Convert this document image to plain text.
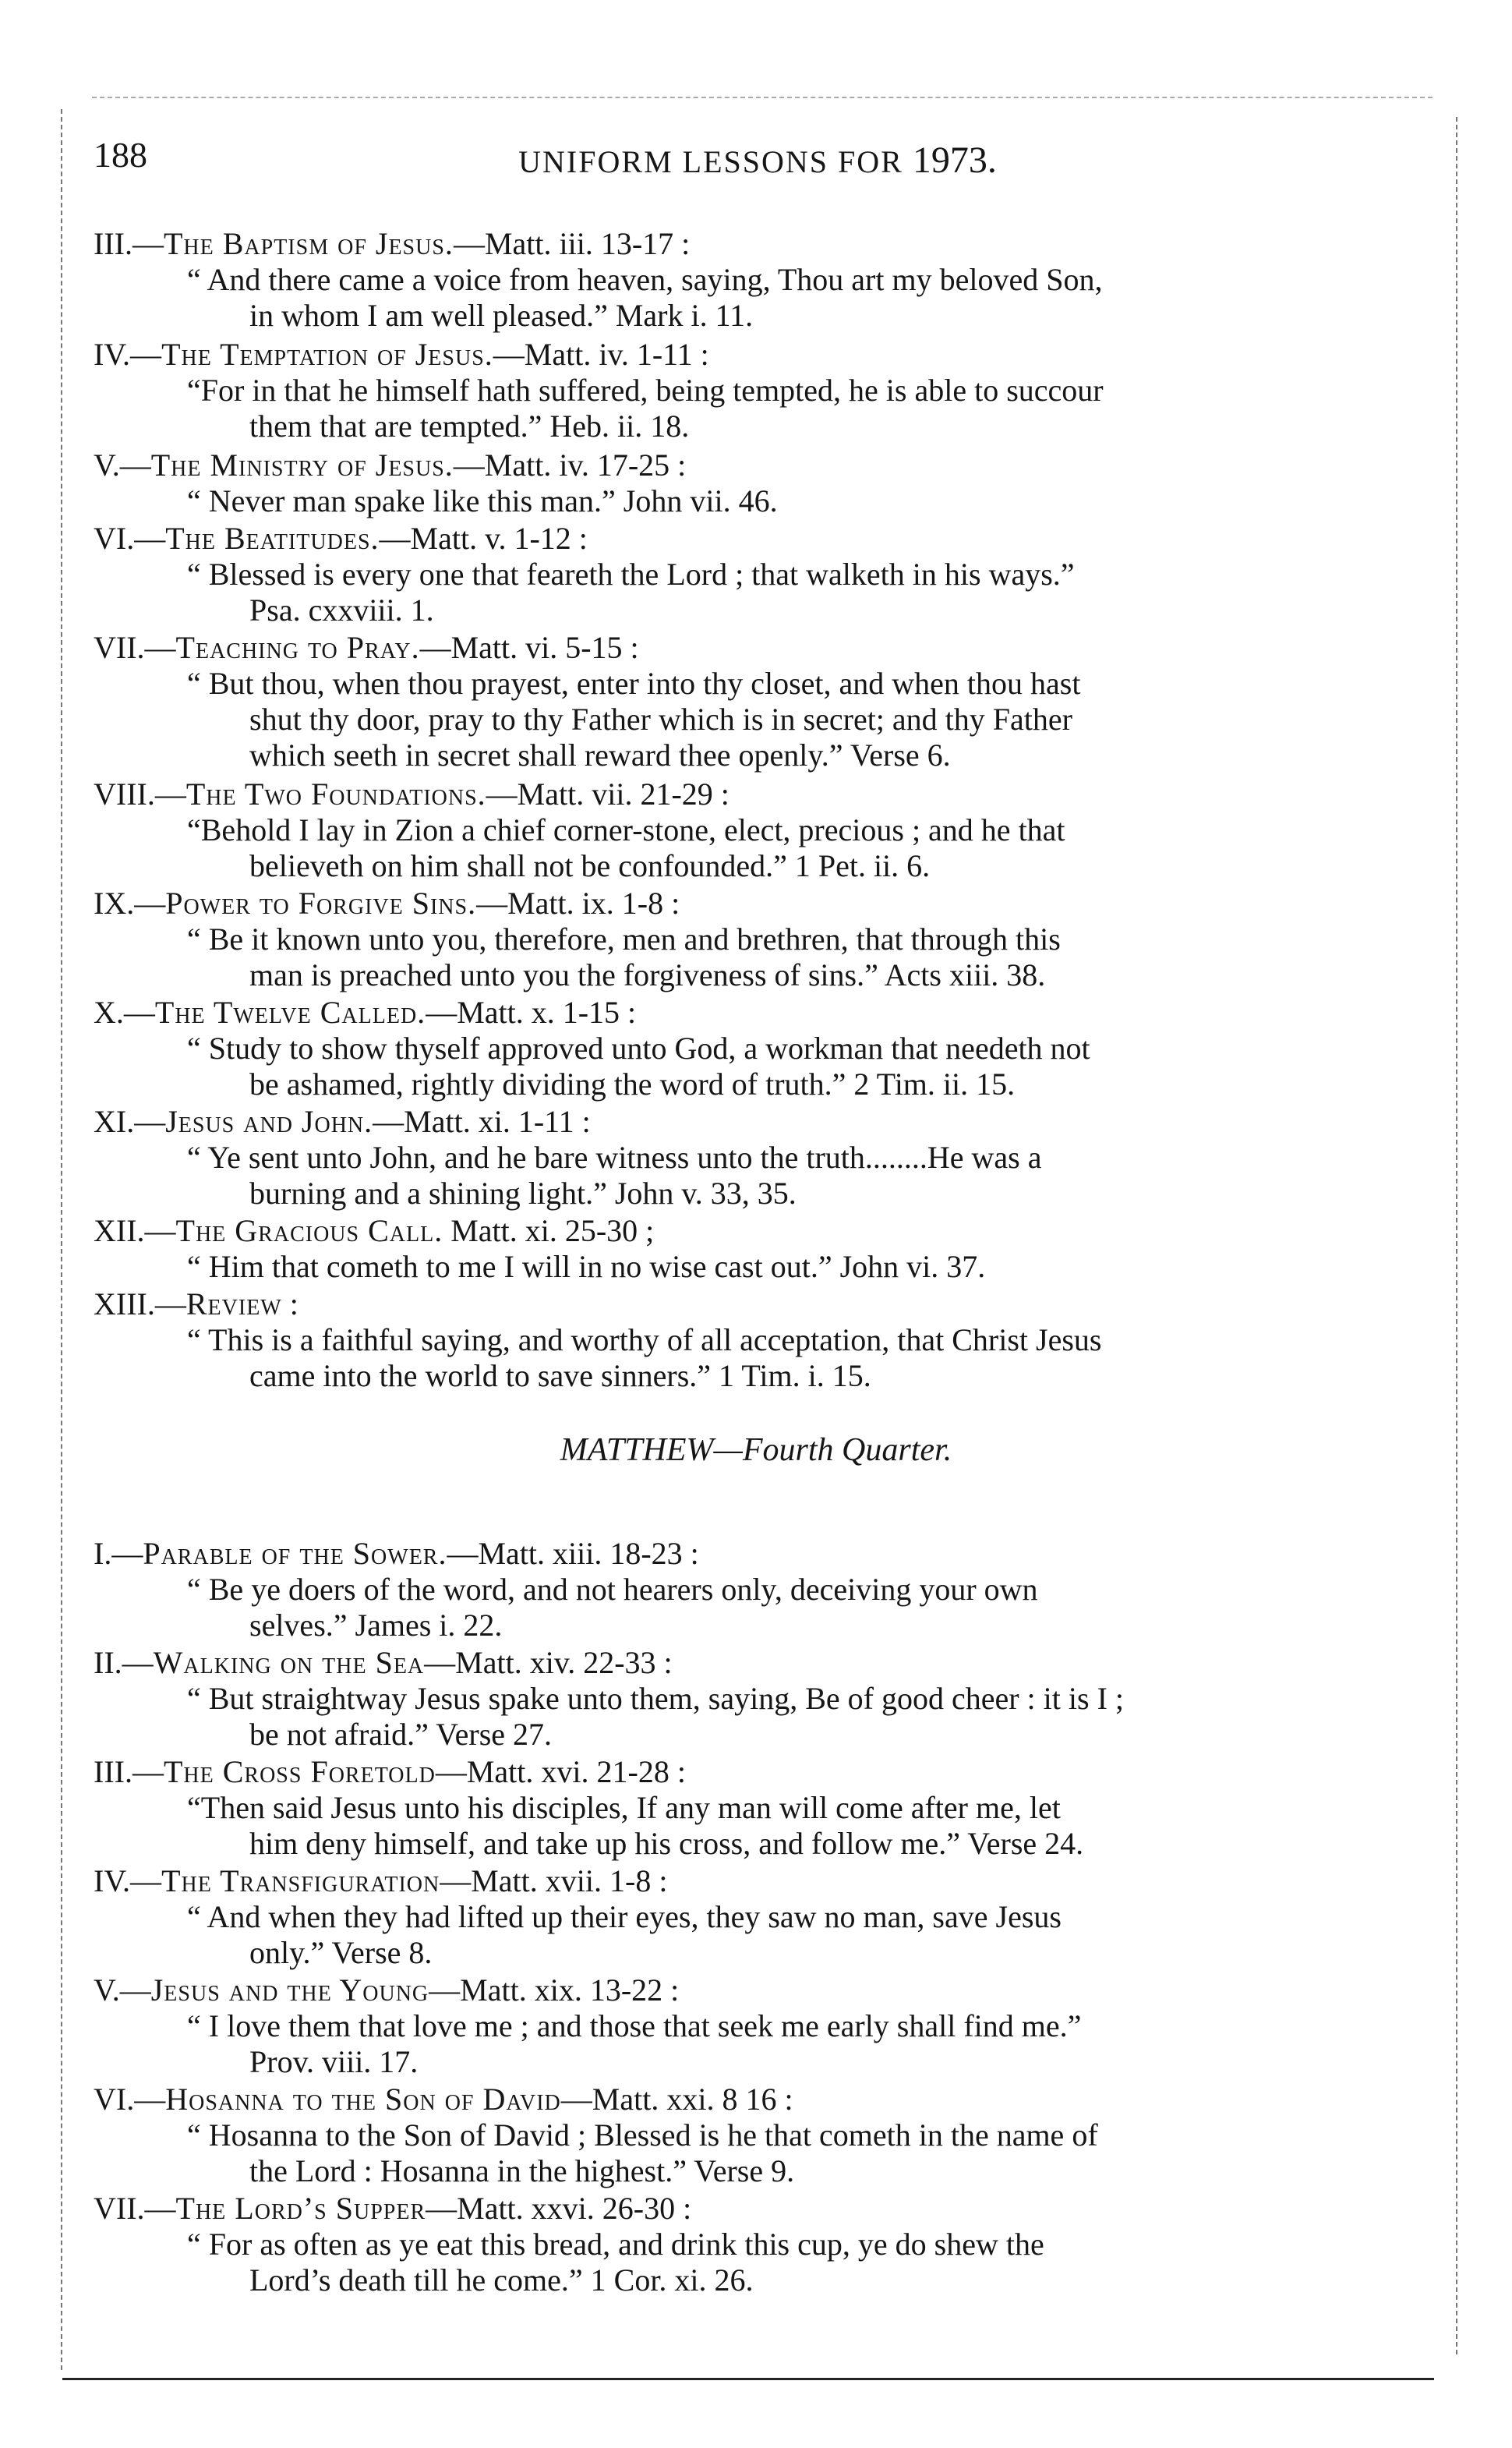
188	UNIFORM LESSONS FOR 1973.
III.—The Baptism of Jesus.—Matt. iii. 13-17 :
“ And there came a voice from heaven, saying, Thou art my beloved Son,
in whom I am well pleased.” Mark i. 11.
IV.—The Temptation of Jesus.—Matt. iv. 1-11 :
“For in that he himself hath suffered, being tempted, he is able to succour
them that are tempted.” Heb. ii. 18.
V.—The Ministry of Jesus.—Matt. iv. 17-25 :
“ Never man spake like this man.” John vii. 46.
VI.—The Beatitudes.—Matt. v. 1-12 :
“ Blessed is every one that feareth the Lord ; that walketh in his ways.”
Psa. cxxviii. 1.
VII.—Teaching to Pray.—Matt. vi. 5-15 :
“ But thou, when thou prayest, enter into thy closet, and when thou hast
shut thy door, pray to thy Father which is in secret; and thy Father
which seeth in secret shall reward thee openly.” Verse 6.
VIII.—The Two Foundations.—Matt. vii. 21-29 :
“Behold I lay in Zion a chief corner-stone, elect, precious ; and he that
believeth on him shall not be confounded.” 1 Pet. ii. 6.
IX.—Power to Forgive Sins.—Matt. ix. 1-8 :
“ Be it known unto you, therefore, men and brethren, that through this
man is preached unto you the forgiveness of sins.” Acts xiii. 38.
X.—The Twelve Called.—Matt. x. 1-15 :
“ Study to show thyself approved unto God, a workman that needeth not
be ashamed, rightly dividing the word of truth.” 2 Tim. ii. 15.
XI.—Jesus and John.—Matt. xi. 1-11 :
“ Ye sent unto John, and he bare witness unto the truth........He was a
burning and a shining light.” John v. 33, 35.
XII.—The Gracious Call. Matt. xi. 25-30 ;
“ Him that cometh to me I will in no wise cast out.” John vi. 37.
XIII.—Review :
“ This is a faithful saying, and worthy of all acceptation, that Christ Jesus
came into the world to save sinners.” 1 Tim. i. 15.
MATTHEW—Fourth Quarter.
I.—Parable of the Sower.—Matt. xiii. 18-23 :
“ Be ye doers of the word, and not hearers only, deceiving your own
selves.” James i. 22.
II.—Walking on the Sea—Matt. xiv. 22-33 :
“ But straightway Jesus spake unto them, saying, Be of good cheer : it is I ;
be not afraid.” Verse 27.
III.—The Cross Foretold—Matt. xvi. 21-28 :
“Then said Jesus unto his disciples, If any man will come after me, let
him deny himself, and take up his cross, and follow me.” Verse 24.
IV.—The Transfiguration—Matt. xvii. 1-8 :
“ And when they had lifted up their eyes, they saw no man, save Jesus
only.” Verse 8.
V.—Jesus and the Young—Matt. xix. 13-22 :
“ I love them that love me ; and those that seek me early shall find me.”
Prov. viii. 17.
VI.—Hosanna to the Son of David—Matt. xxi. 8 16 :
“ Hosanna to the Son of David ; Blessed is he that cometh in the name of
the Lord : Hosanna in the highest.” Verse 9.
VII.—The Lord’s Supper—Matt. xxvi. 26-30 :
“ For as often as ye eat this bread, and drink this cup, ye do shew the
Lord’s death till he come.” 1 Cor. xi. 26.
